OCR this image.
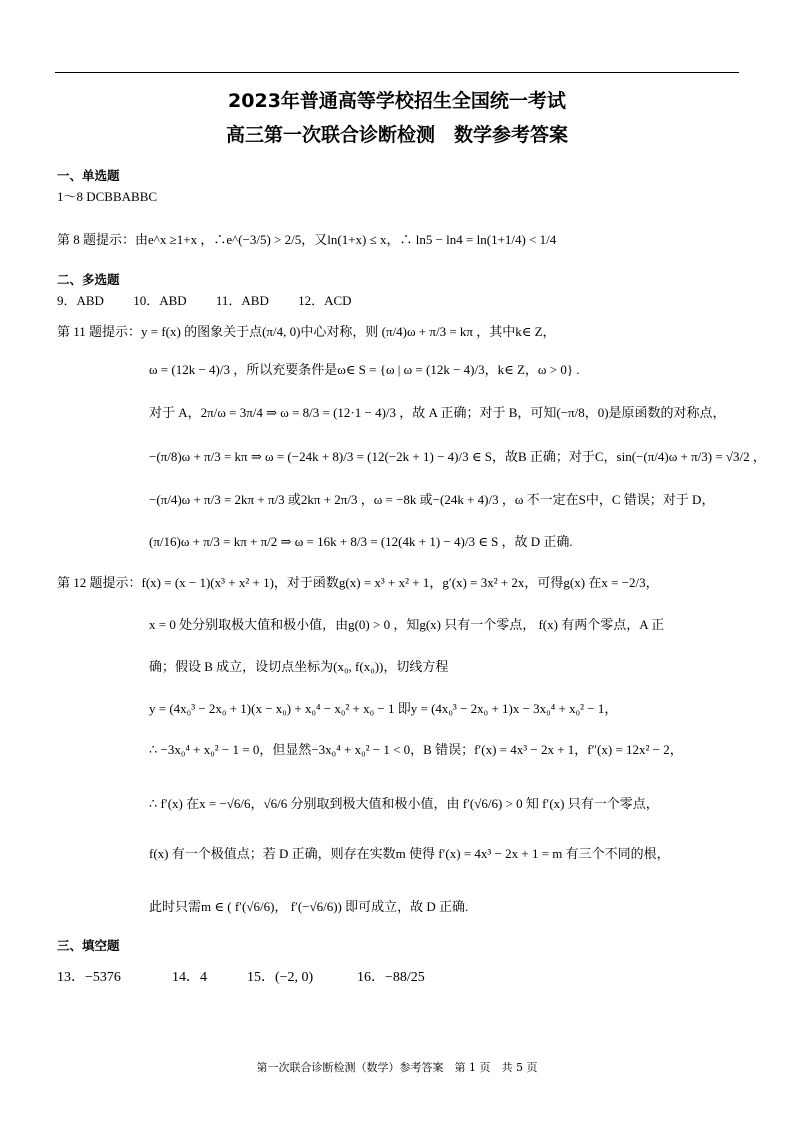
2023年普通高等学校招生全国统一考试
高三第一次联合诊断检测　数学参考答案
一、单选题
1～8 DCBBABBC
第 8 题提示：由e^x ≥1+x ，∴e^(−3/5) > 2/5，又ln(1+x) ≤ x，∴ ln5 − ln4 = ln(1+1/4) < 1/4
二、多选题
9．ABD　　 10．ABD　　 11．ABD　　 12．ACD
第 11 题提示：y = f(x) 的图象关于点(π/4, 0)中心对称，则 (π/4)ω + π/3 = kπ ，其中k∈ Z，
ω = (12k − 4)/3 ，所以充要条件是ω∈ S = {ω | ω = (12k − 4)/3，k∈ Z，ω > 0} .
对于 A，2π/ω = 3π/4 ⇒ ω = 8/3 = (12·1 − 4)/3 ，故 A 正确；对于 B，可知(−π/8，0)是原函数的对称点，
−(π/8)ω + π/3 = kπ ⇒ ω = (−24k + 8)/3 = (12(−2k + 1) − 4)/3 ∈ S，故B 正确；对于C，sin(−(π/4)ω + π/3) = √3/2 ，
−(π/4)ω + π/3 = 2kπ + π/3 或2kπ + 2π/3 ，ω = −8k 或−(24k + 4)/3 ，ω 不一定在S中，C 错误；对于 D，
(π/16)ω + π/3 = kπ + π/2 ⇒ ω = 16k + 8/3 = (12(4k + 1) − 4)/3 ∈ S ，故 D 正确.
第 12 题提示：f(x) = (x − 1)(x³ + x² + 1)，对于函数g(x) = x³ + x² + 1，g′(x) = 3x² + 2x，可得g(x) 在x = −2/3，
x = 0 处分别取极大值和极小值，由g(0) > 0 ，知g(x) 只有一个零点， f(x) 有两个零点，A 正
确；假设 B 成立，设切点坐标为(x₀, f(x₀))，切线方程
y = (4x₀³ − 2x₀ + 1)(x − x₀) + x₀⁴ − x₀² + x₀ − 1 即y = (4x₀³ − 2x₀ + 1)x − 3x₀⁴ + x₀² − 1，
∴ −3x₀⁴ + x₀² − 1 = 0，但显然−3x₀⁴ + x₀² − 1 < 0，B 错误；f′(x) = 4x³ − 2x + 1，f″(x) = 12x² − 2，
∴ f′(x) 在x = −√6/6，√6/6 分别取到极大值和极小值，由 f′(√6/6) > 0 知 f′(x) 只有一个零点，
f(x) 有一个极值点；若 D 正确，则存在实数m 使得 f′(x) = 4x³ − 2x + 1 = m 有三个不同的根，
此时只需m ∈ ( f′(√6/6)， f′(−√6/6)) 即可成立，故 D 正确.
三、填空题
13．−5376	14．4	15．(−2, 0)	16．−88/25
第一次联合诊断检测（数学）参考答案　第 1 页　共 5 页
